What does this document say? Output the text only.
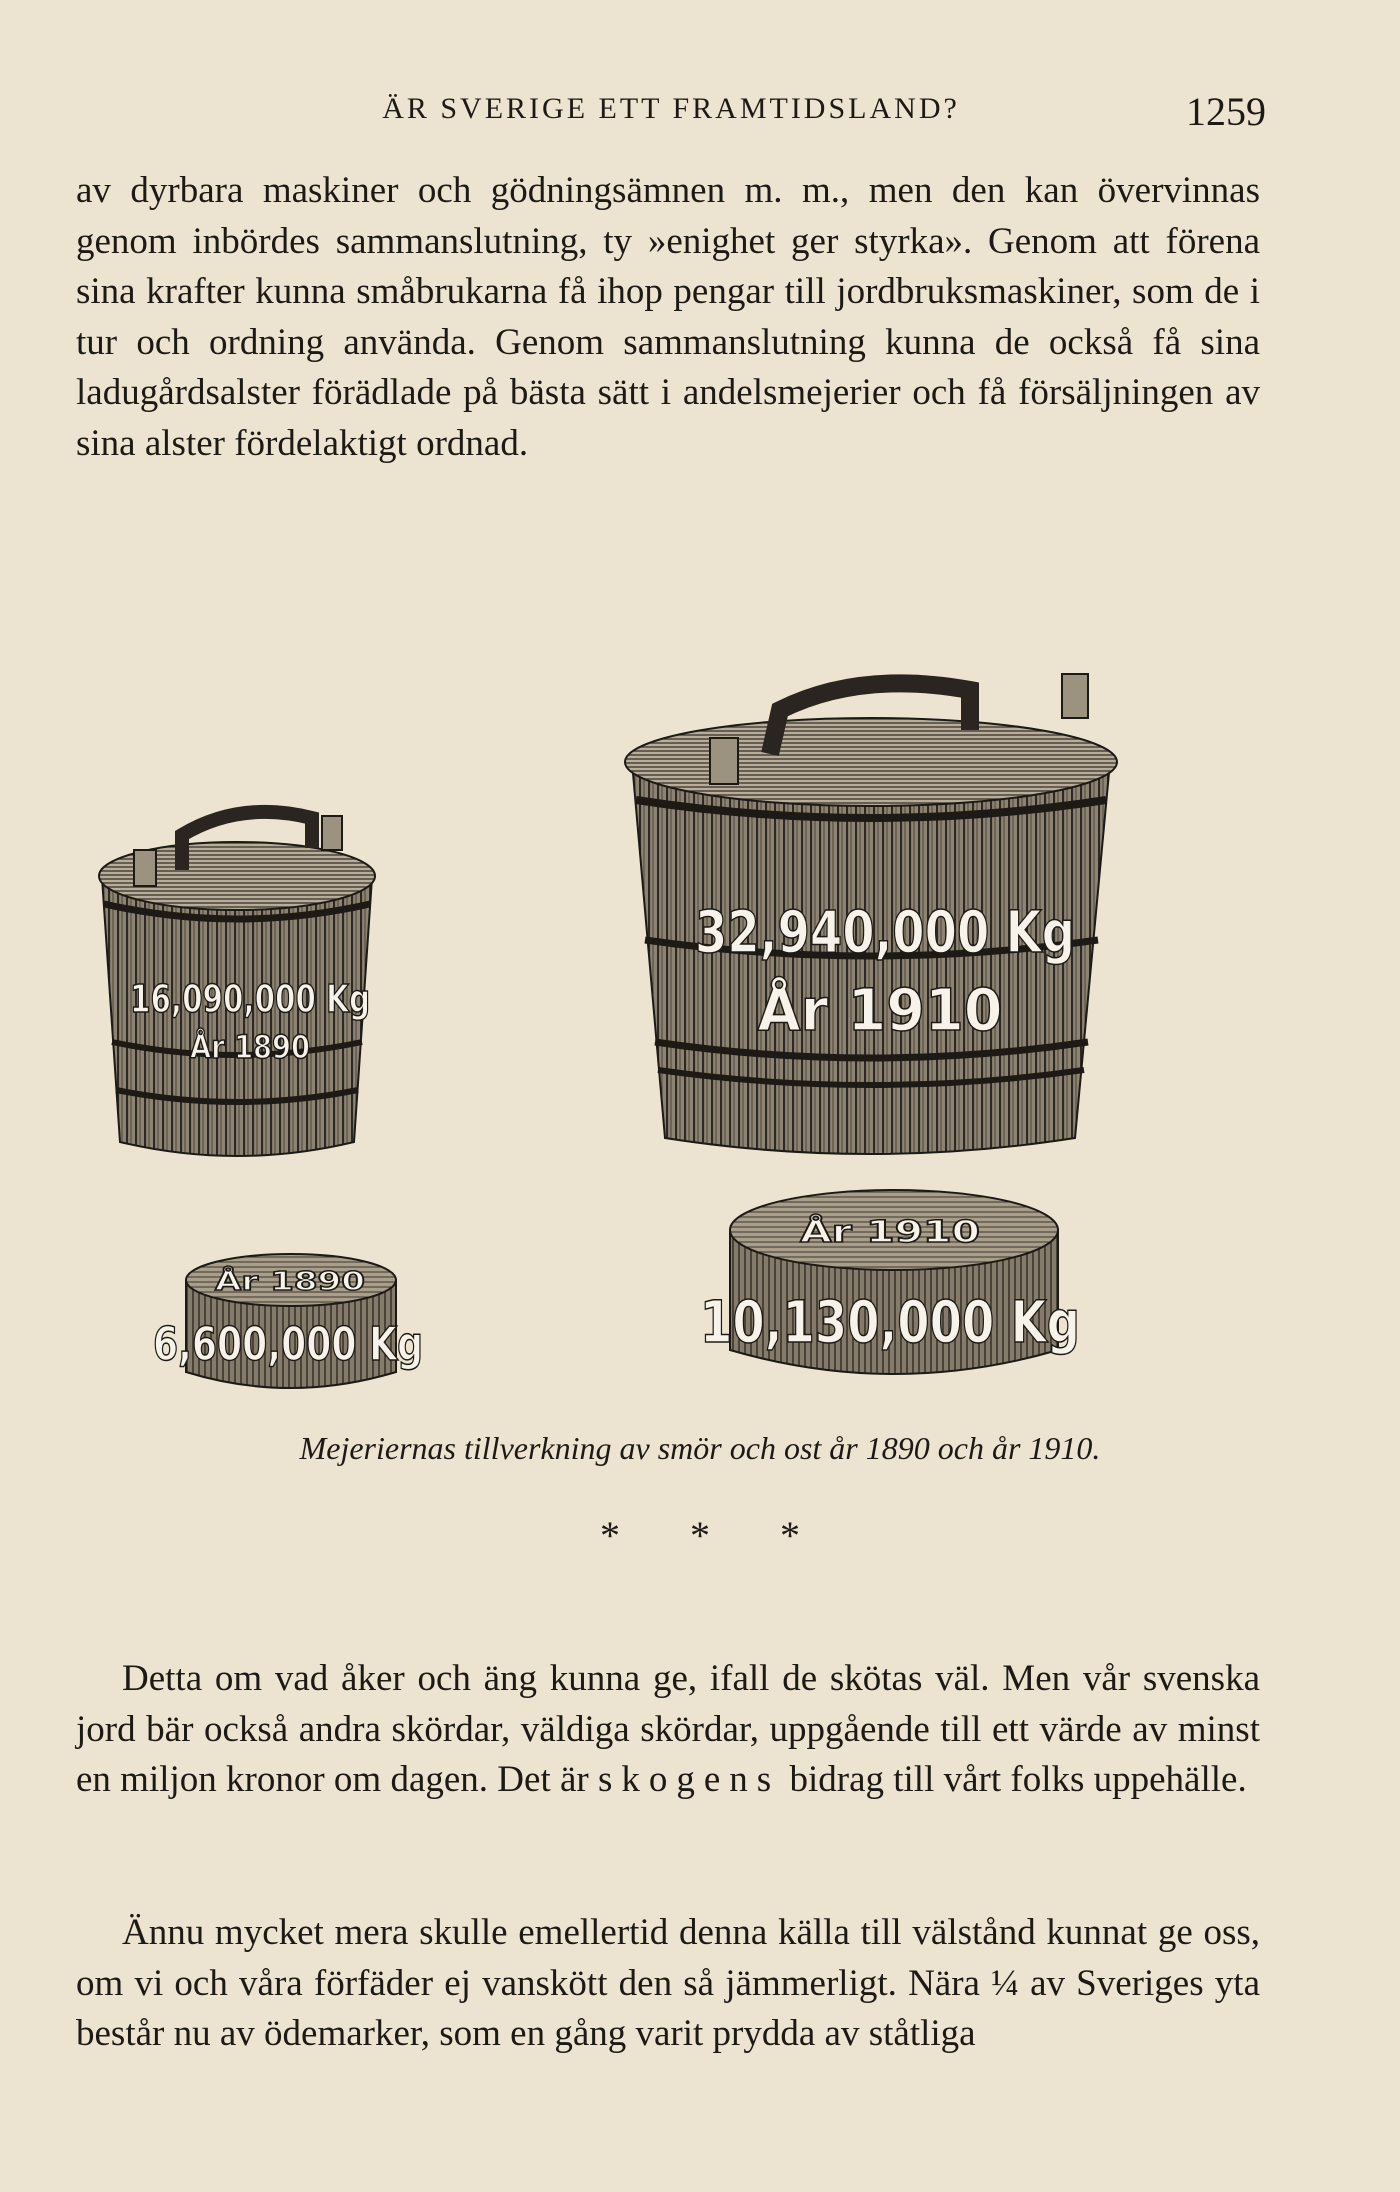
ÄR SVERIGE ETT FRAMTIDSLAND?	1259

av dyrbara maskiner och gödningsämnen m. m., men den kan övervinnas genom inbördes sammanslutning, ty »enighet ger styrka». Genom att förena sina krafter kunna småbrukarna få ihop pengar till jordbruksmaskiner, som de i tur och ordning använda. Genom sammanslutning kunna de också få sina ladugårdsalster förädlade på bästa sätt i andelsmejerier och få försäljningen av sina alster fördelaktigt ordnad.

16,090,000 Kg
År 1890
32,940,000 Kg
År 1910
År 1890
6,600,000 Kg
År 1910
10,130,000 Kg
Mejeriernas tillverkning av smör och ost år 1890 och år 1910.
* * *

Detta om vad åker och äng kunna ge, ifall de skötas väl. Men vår svenska jord bär också andra skördar, väldiga skördar, uppgående till ett värde av minst en miljon kronor om dagen. Det är skogens bidrag till vårt folks uppehälle.

Ännu mycket mera skulle emellertid denna källa till välstånd kunnat ge oss, om vi och våra förfäder ej vanskött den så jämmerligt. Nära ¼ av Sveriges yta består nu av ödemarker, som en gång varit prydda av ståtliga
